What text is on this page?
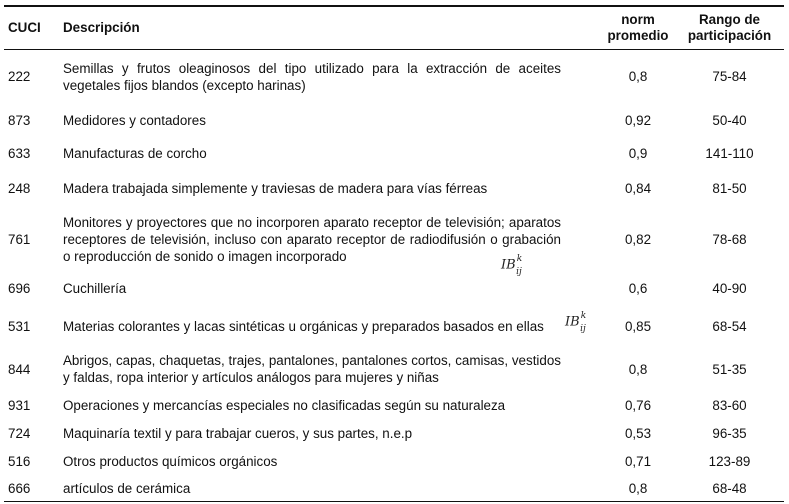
CUCI	Descripción	norm promedio	Rango de participación
222	Semillas y frutos oleaginosos del tipo utilizado para la extracción de aceites vegetales fijos blandos (excepto harinas)	0,8	75-84
873	Medidores y contadores	0,92	50-40
633	Manufacturas de corcho	0,9	141-110
248	Madera trabajada simplemente y traviesas de madera para vías férreas	0,84	81-50
761	Monitores y proyectores que no incorporen aparato receptor de televisión; aparatos receptores de televisión, incluso con aparato receptor de radiodifusión o grabación o reproducción de sonido o imagen incorporado	0,82	78-68
696	Cuchillería	0,6	40-90
531	Materias colorantes y lacas sintéticas u orgánicas y preparados basados en ellas	0,85	68-54
844	Abrigos, capas, chaquetas, trajes, pantalones, pantalones cortos, camisas, vestidos y faldas, ropa interior y artículos análogos para mujeres y niñas	0,8	51-35
931	Operaciones y mercancías especiales no clasificadas según su naturaleza	0,76	83-60
724	Maquinaría textil y para trabajar cueros, y sus partes, n.e.p	0,53	96-35
516	Otros productos químicos orgánicos	0,71	123-89
666	artículos de cerámica	0,8	68-48
$IB^k_{ij}$
$IB^k_{ij}$
